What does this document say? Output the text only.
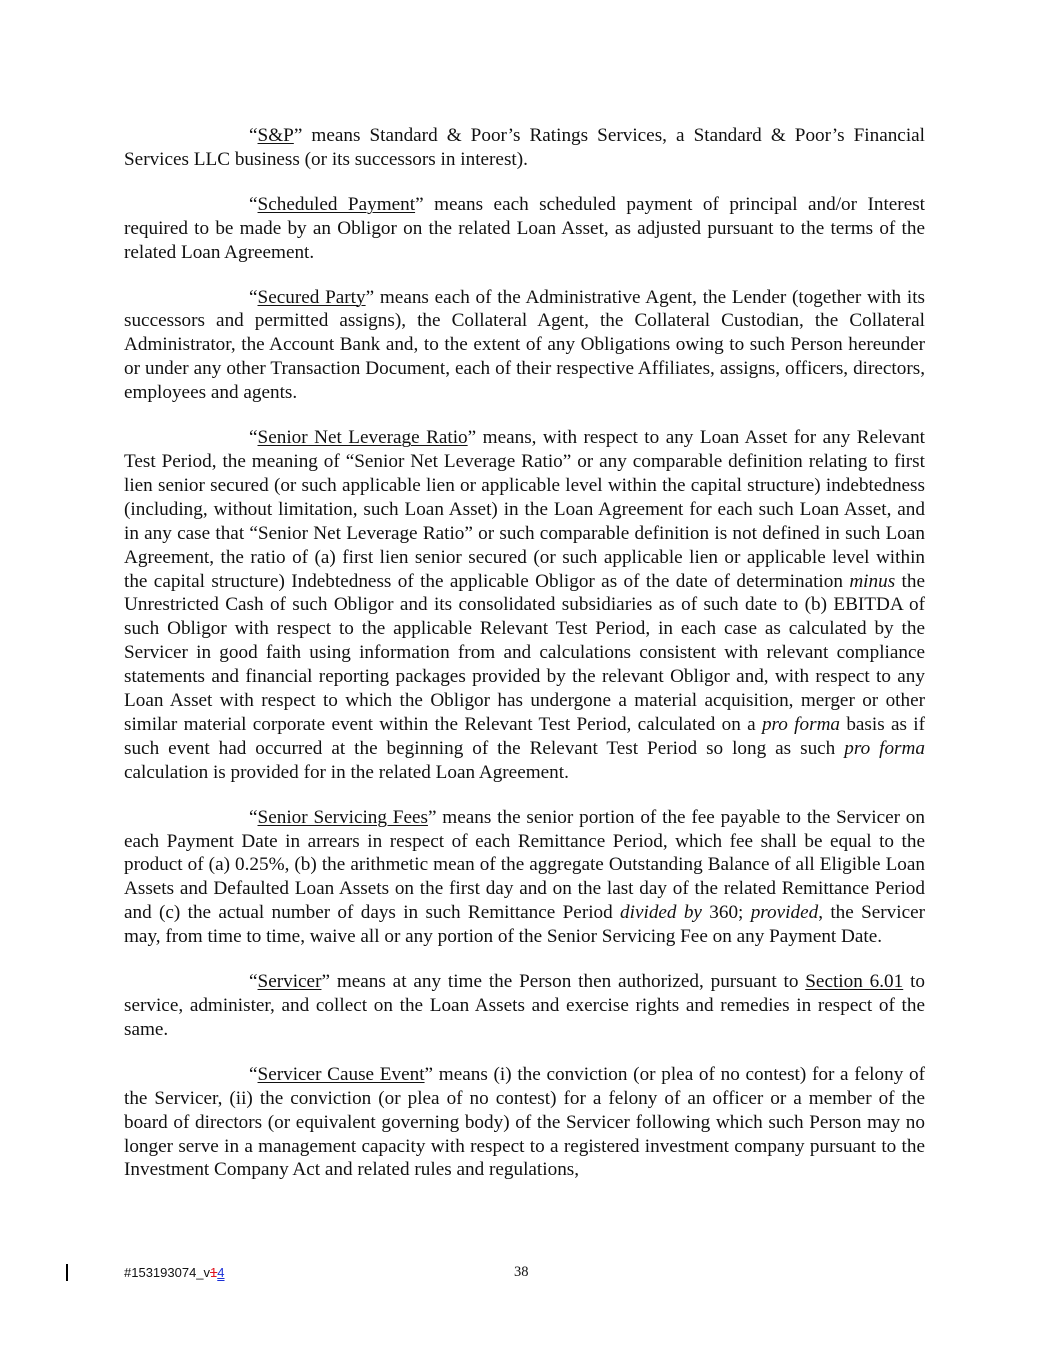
“S&P” means Standard & Poor’s Ratings Services, a Standard & Poor’s Financial Services LLC business (or its successors in interest).

“Scheduled Payment” means each scheduled payment of principal and/or Interest required to be made by an Obligor on the related Loan Asset, as adjusted pursuant to the terms of the related Loan Agreement.

“Secured Party” means each of the Administrative Agent, the Lender (together with its successors and permitted assigns), the Collateral Agent, the Collateral Custodian, the Collateral Administrator, the Account Bank and, to the extent of any Obligations owing to such Person hereunder or under any other Transaction Document, each of their respective Affiliates, assigns, officers, directors, employees and agents.

“Senior Net Leverage Ratio” means, with respect to any Loan Asset for any Relevant Test Period, the meaning of “Senior Net Leverage Ratio” or any comparable definition relating to first lien senior secured (or such applicable lien or applicable level within the capital structure) indebtedness (including, without limitation, such Loan Asset) in the Loan Agreement for each such Loan Asset, and in any case that “Senior Net Leverage Ratio” or such comparable definition is not defined in such Loan Agreement, the ratio of (a) first lien senior secured (or such applicable lien or applicable level within the capital structure) Indebtedness of the applicable Obligor as of the date of determination minus the Unrestricted Cash of such Obligor and its consolidated subsidiaries as of such date to (b) EBITDA of such Obligor with respect to the applicable Relevant Test Period, in each case as calculated by the Servicer in good faith using information from and calculations consistent with relevant compliance statements and financial reporting packages provided by the relevant Obligor and, with respect to any Loan Asset with respect to which the Obligor has undergone a material acquisition, merger or other similar material corporate event within the Relevant Test Period, calculated on a pro forma basis as if such event had occurred at the beginning of the Relevant Test Period so long as such pro forma calculation is provided for in the related Loan Agreement.

“Senior Servicing Fees” means the senior portion of the fee payable to the Servicer on each Payment Date in arrears in respect of each Remittance Period, which fee shall be equal to the product of (a) 0.25%, (b) the arithmetic mean of the aggregate Outstanding Balance of all Eligible Loan Assets and Defaulted Loan Assets on the first day and on the last day of the related Remittance Period and (c) the actual number of days in such Remittance Period divided by 360; provided, the Servicer may, from time to time, waive all or any portion of the Senior Servicing Fee on any Payment Date.

“Servicer” means at any time the Person then authorized, pursuant to Section 6.01 to service, administer, and collect on the Loan Assets and exercise rights and remedies in respect of the same.

“Servicer Cause Event” means (i) the conviction (or plea of no contest) for a felony of the Servicer, (ii) the conviction (or plea of no contest) for a felony of an officer or a member of the board of directors (or equivalent governing body) of the Servicer following which such Person may no longer serve in a management capacity with respect to a registered investment company pursuant to the Investment Company Act and related rules and regulations,

#153193074_v14	38
